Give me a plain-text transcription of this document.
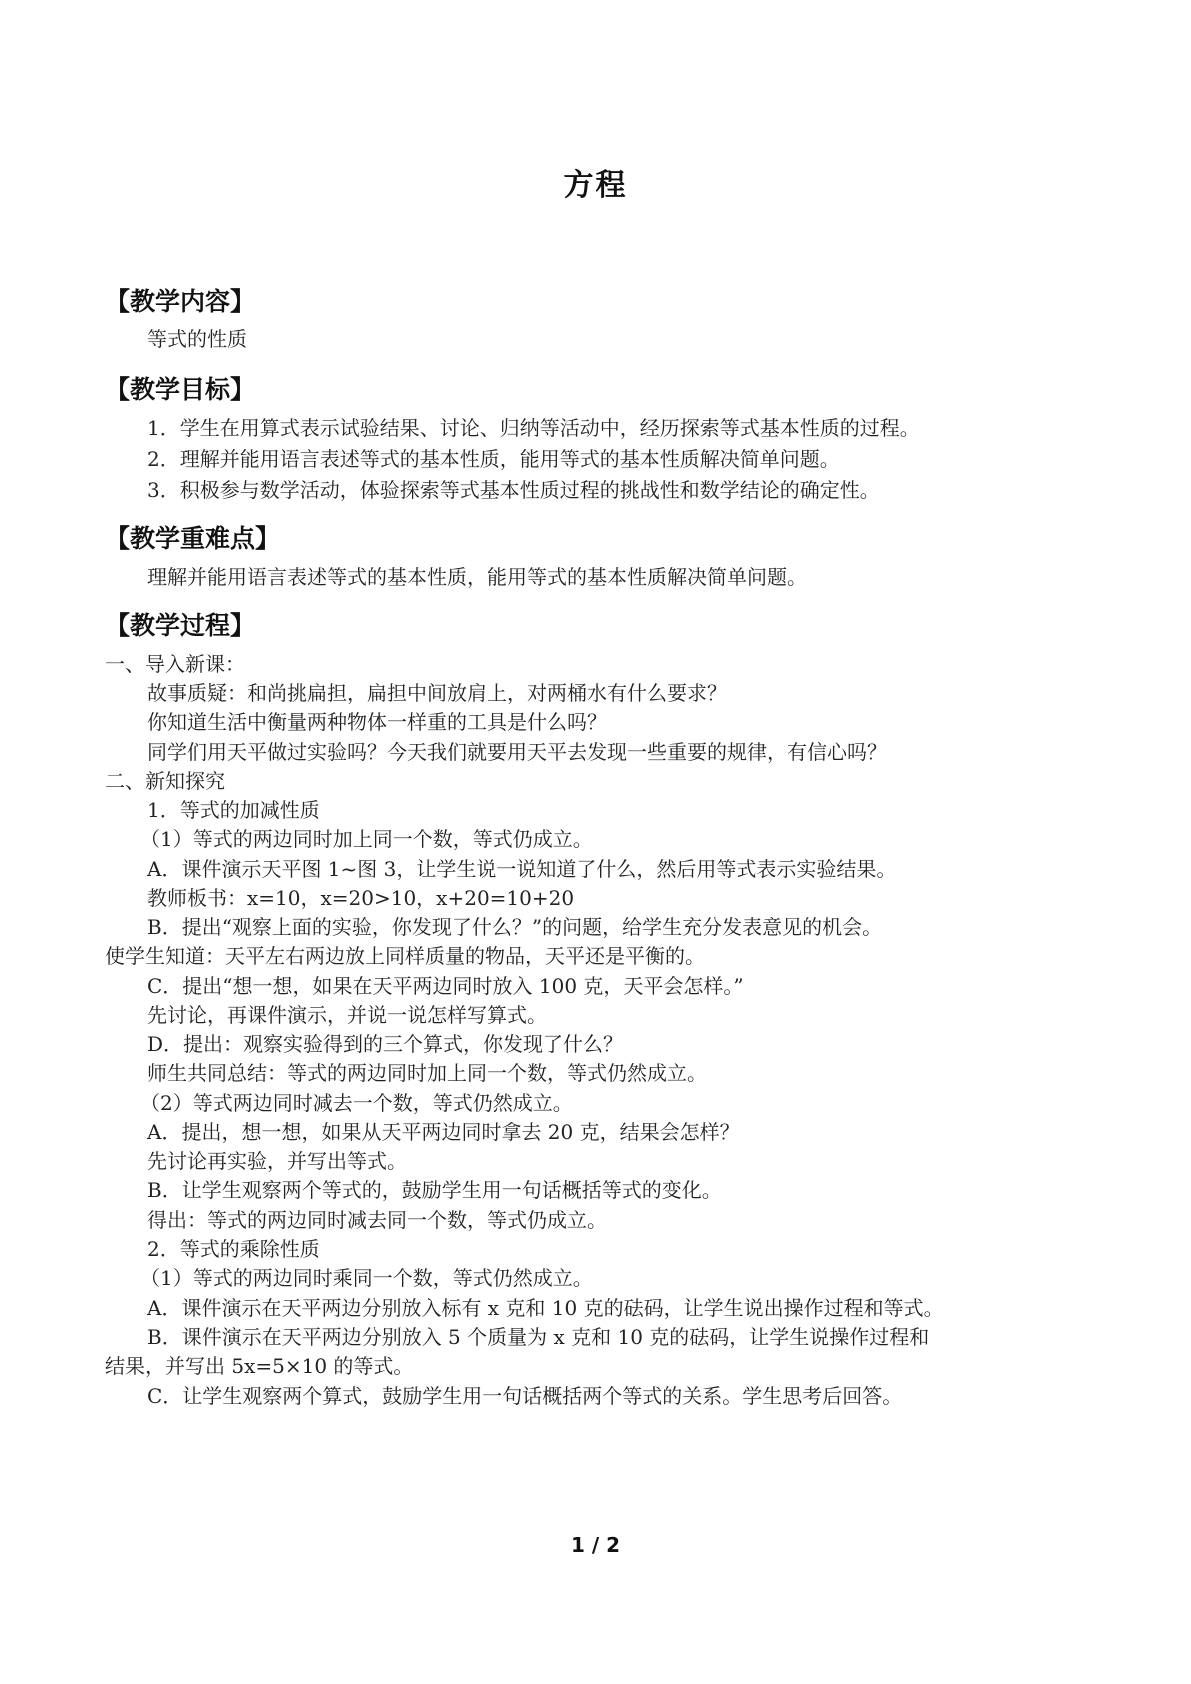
方程
【教学内容】
等式的性质
【教学目标】
1．学生在用算式表示试验结果、讨论、归纳等活动中，经历探索等式基本性质的过程。
2．理解并能用语言表述等式的基本性质，能用等式的基本性质解决简单问题。
3．积极参与数学活动，体验探索等式基本性质过程的挑战性和数学结论的确定性。
【教学重难点】
理解并能用语言表述等式的基本性质，能用等式的基本性质解决简单问题。
【教学过程】
一、导入新课：
故事质疑：和尚挑扁担，扁担中间放肩上，对两桶水有什么要求？
你知道生活中衡量两种物体一样重的工具是什么吗？
同学们用天平做过实验吗？今天我们就要用天平去发现一些重要的规律，有信心吗？
二、新知探究
1．等式的加减性质
（1）等式的两边同时加上同一个数，等式仍成立。
A．课件演示天平图 1~图 3，让学生说一说知道了什么，然后用等式表示实验结果。
教师板书：x=10，x=20>10，x+20=10+20
B．提出“观察上面的实验，你发现了什么？”的问题，给学生充分发表意见的机会。
使学生知道：天平左右两边放上同样质量的物品，天平还是平衡的。
C．提出“想一想，如果在天平两边同时放入 100 克，天平会怎样。”
先讨论，再课件演示，并说一说怎样写算式。
D．提出：观察实验得到的三个算式，你发现了什么？
师生共同总结：等式的两边同时加上同一个数，等式仍然成立。
（2）等式两边同时减去一个数，等式仍然成立。
A．提出，想一想，如果从天平两边同时拿去 20 克，结果会怎样？
先讨论再实验，并写出等式。
B．让学生观察两个等式的，鼓励学生用一句话概括等式的变化。
得出：等式的两边同时减去同一个数，等式仍成立。
2．等式的乘除性质
（1）等式的两边同时乘同一个数，等式仍然成立。
A．课件演示在天平两边分别放入标有 x 克和 10 克的砝码，让学生说出操作过程和等式。
B．课件演示在天平两边分别放入 5 个质量为 x 克和 10 克的砝码，让学生说操作过程和
结果，并写出 5x=5×10 的等式。
C．让学生观察两个算式，鼓励学生用一句话概括两个等式的关系。学生思考后回答。
1 / 2
